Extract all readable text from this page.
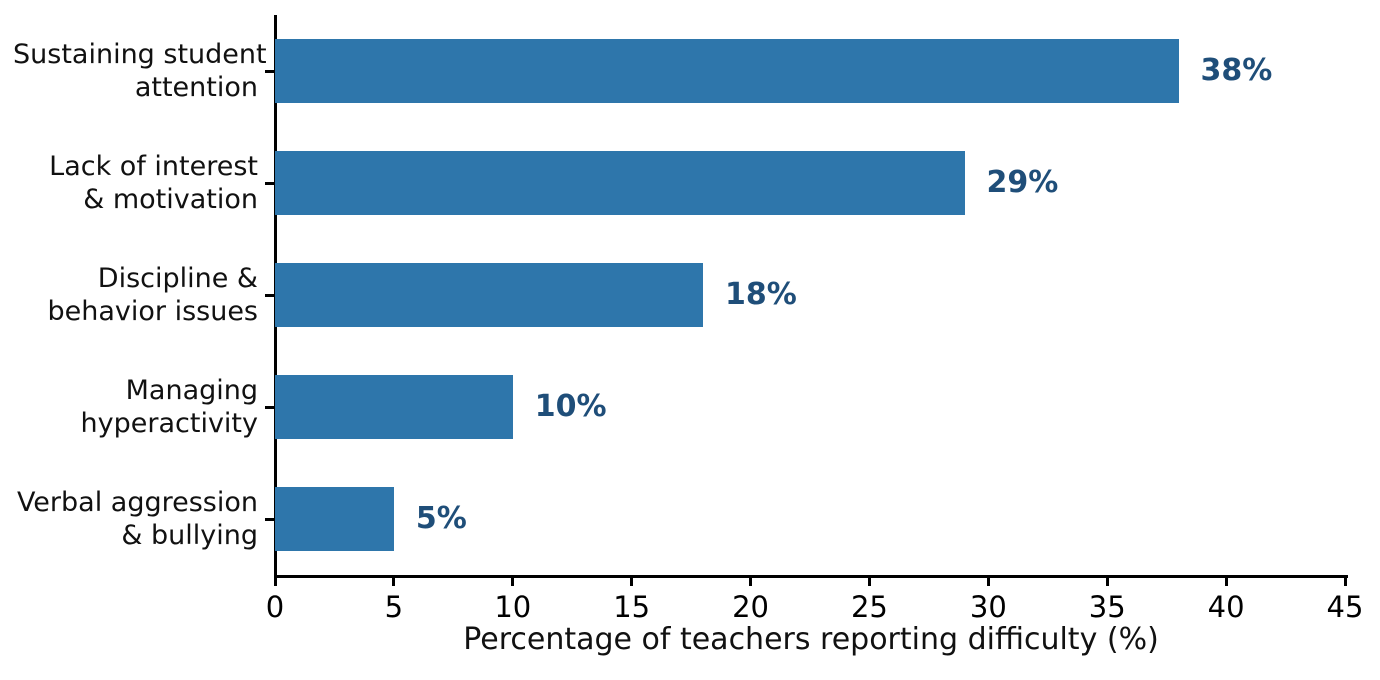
38%
Sustaining student
attention
29%
Lack of interest
& motivation
18%
Discipline &
behavior issues
10%
Managing
hyperactivity
5%
Verbal aggression
& bullying
0	5	10	15	20	25	30	35	40	45
Percentage of teachers reporting difficulty (%)
